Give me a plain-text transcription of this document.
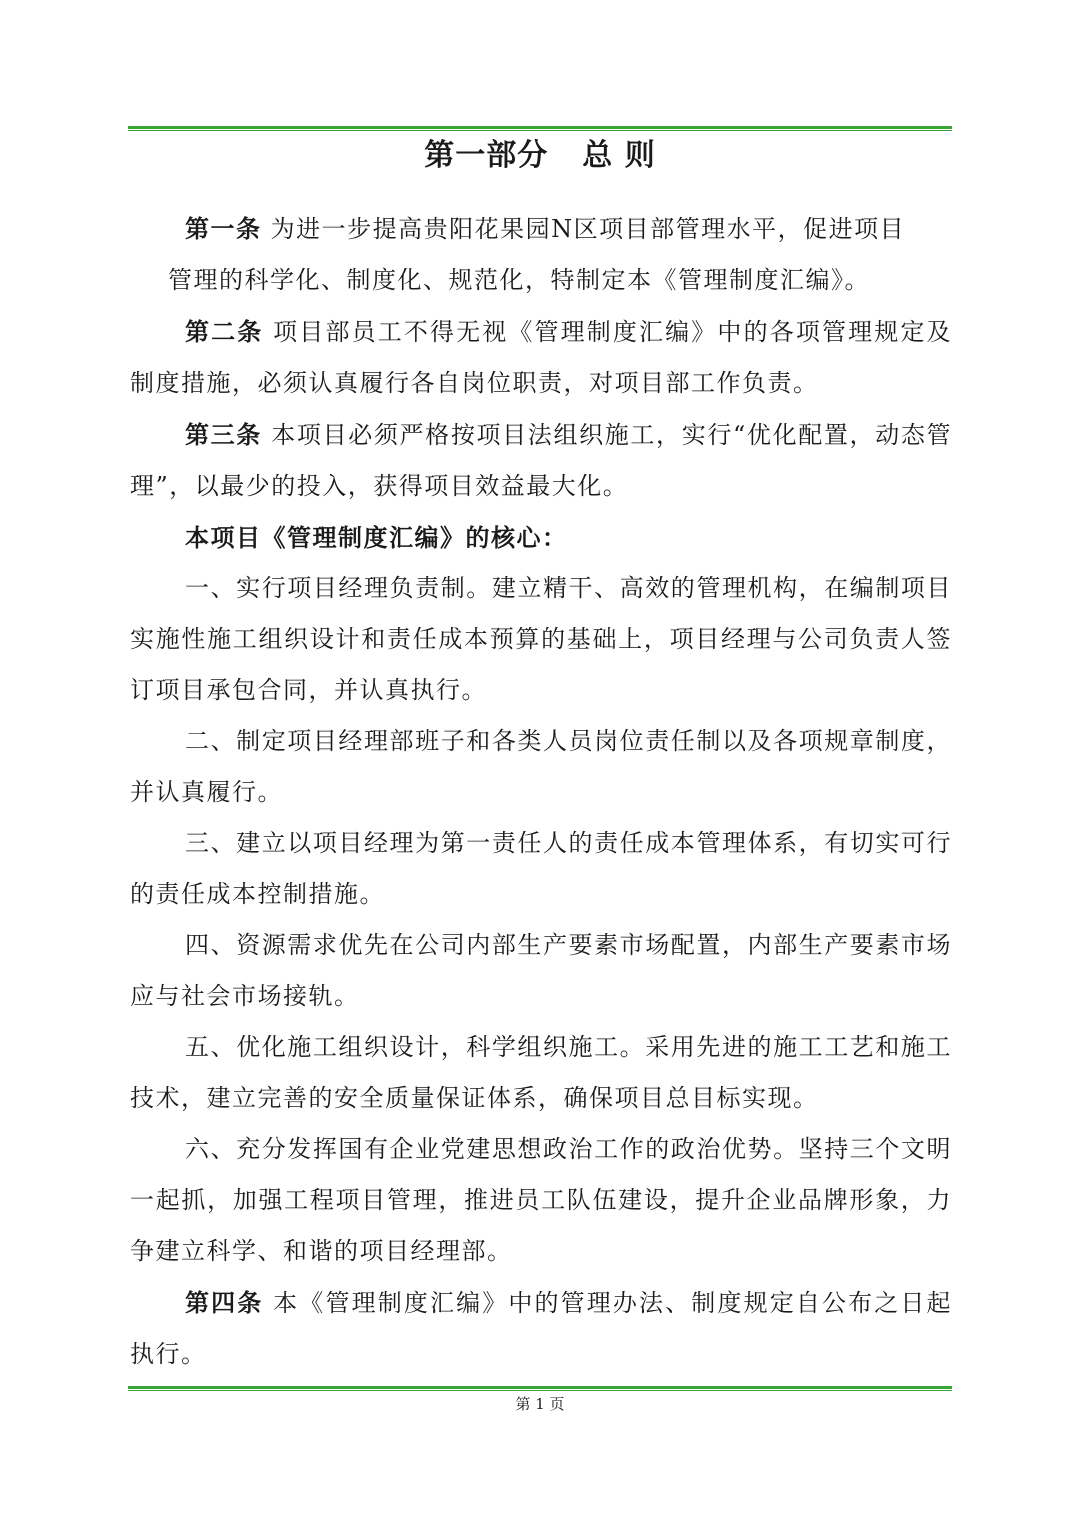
第一部分 总 则

第一条 为进一步提高贵阳花果园N区项目部管理水平，促进项目
管理的科学化、制度化、规范化，特制定本《管理制度汇编》。

第二条 项目部员工不得无视《管理制度汇编》中的各项管理规定及制度措施，必须认真履行各自岗位职责，对项目部工作负责。

第三条 本项目必须严格按项目法组织施工，实行“优化配置，动态管理”，以最少的投入，获得项目效益最大化。

本项目《管理制度汇编》的核心：

一、实行项目经理负责制。建立精干、高效的管理机构，在编制项目实施性施工组织设计和责任成本预算的基础上，项目经理与公司负责人签订项目承包合同，并认真执行。

二、制定项目经理部班子和各类人员岗位责任制以及各项规章制度，并认真履行。

三、建立以项目经理为第一责任人的责任成本管理体系，有切实可行的责任成本控制措施。

四、资源需求优先在公司内部生产要素市场配置，内部生产要素市场应与社会市场接轨。

五、优化施工组织设计，科学组织施工。采用先进的施工工艺和施工技术，建立完善的安全质量保证体系，确保项目总目标实现。

六、充分发挥国有企业党建思想政治工作的政治优势。坚持三个文明一起抓，加强工程项目管理，推进员工队伍建设，提升企业品牌形象，力争建立科学、和谐的项目经理部。

第四条 本《管理制度汇编》中的管理办法、制度规定自公布之日起执行。

第 1 页
